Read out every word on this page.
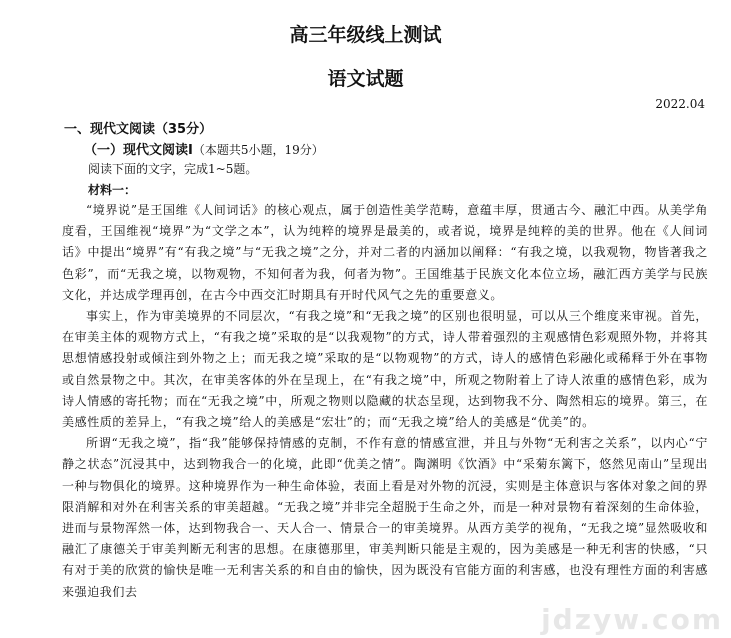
高三年级线上测试
语文试题
2022.04
一、现代文阅读（35分）
（一）现代文阅读Ⅰ（本题共5小题，19分）
阅读下面的文字，完成1~5题。
材料一：

“境界说”是王国维《人间词话》的核心观点，属于创造性美学范畴，意蕴丰厚，贯通古今、融汇中西。从美学角度看，王国维视“境界”为“文学之本”，认为纯粹的境界是最美的，或者说，境界是纯粹的美的世界。他在《人间词话》中提出“境界”有“有我之境”与“无我之境”之分，并对二者的内涵加以阐释：“有我之境，以我观物，物皆著我之色彩”，而“无我之境，以物观物，不知何者为我，何者为物”。王国维基于民族文化本位立场，融汇西方美学与民族文化，并达成学理再创，在古今中西交汇时期具有开时代风气之先的重要意义。

事实上，作为审美境界的不同层次，“有我之境”和“无我之境”的区别也很明显，可以从三个维度来审视。首先，在审美主体的观物方式上，“有我之境”采取的是“以我观物”的方式，诗人带着强烈的主观感情色彩观照外物，并将其思想情感投射或倾注到外物之上；而无我之境”采取的是“以物观物”的方式，诗人的感情色彩融化或稀释于外在事物或自然景物之中。其次，在审美客体的外在呈现上，在“有我之境”中，所观之物附着上了诗人浓重的感情色彩，成为诗人情感的寄托物；而在“无我之境”中，所观之物则以隐藏的状态呈现，达到物我不分、陶然相忘的境界。第三，在美感性质的差异上，“有我之境”给人的美感是“宏壮”的；而“无我之境”给人的美感是“优美”的。

所谓“无我之境”，指“我”能够保持情感的克制，不作有意的情感宣泄，并且与外物“无利害之关系”，以内心“宁静之状态”沉浸其中，达到物我合一的化境，此即“优美之情”。陶渊明《饮酒》中“采菊东篱下，悠然见南山”呈现出一种与物俱化的境界。这种境界作为一种生命体验，表面上看是对外物的沉浸，实则是主体意识与客体对象之间的界限消解和对外在利害关系的审美超越。“无我之境”并非完全超脱于生命之外，而是一种对景物有着深刻的生命体验，进而与景物浑然一体，达到物我合一、天人合一、情景合一的审美境界。从西方美学的视角，“无我之境”显然吸收和融汇了康德关于审美判断无利害的思想。在康德那里，审美判断只能是主观的，因为美感是一种无利害的快感，“只有对于美的欣赏的愉快是唯一无利害关系的和自由的愉快，因为既没有官能方面的利害感，也没有理性方面的利害感来强迫我们去

jdzyw.com
